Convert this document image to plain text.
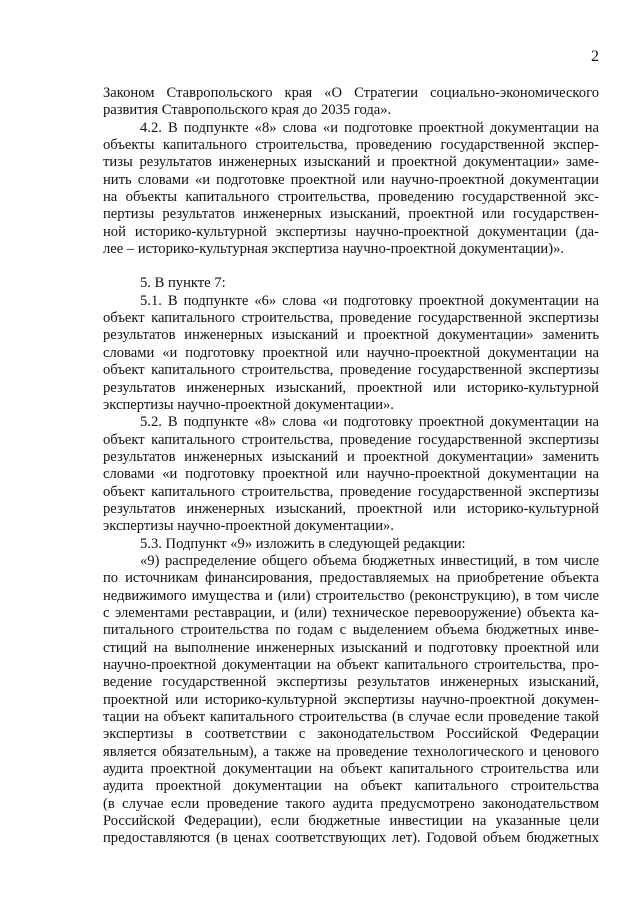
2
Законом Ставропольского края «О Стратегии социально-экономического
развития Ставропольского края до 2035 года».
4.2. В подпункте «8» слова «и подготовке проектной документации на
объекты капитального строительства, проведению государственной экспер-
тизы результатов инженерных изысканий и проектной документации» заме-
нить словами «и подготовке проектной или научно-проектной документации
на объекты капитального строительства, проведению государственной экс-
пертизы результатов инженерных изысканий, проектной или государствен-
ной историко-культурной экспертизы научно-проектной документации (да-
лее – историко-культурная экспертиза научно-проектной документации)».
5. В пункте 7:
5.1. В подпункте «6» слова «и подготовку проектной документации на
объект капитального строительства, проведение государственной экспертизы
результатов инженерных изысканий и проектной документации» заменить
словами «и подготовку проектной или научно-проектной документации на
объект капитального строительства, проведение государственной экспертизы
результатов инженерных изысканий, проектной или историко-культурной
экспертизы научно-проектной документации».
5.2. В подпункте «8» слова «и подготовку проектной документации на
объект капитального строительства, проведение государственной экспертизы
результатов инженерных изысканий и проектной документации» заменить
словами «и подготовку проектной или научно-проектной документации на
объект капитального строительства, проведение государственной экспертизы
результатов инженерных изысканий, проектной или историко-культурной
экспертизы научно-проектной документации».
5.3. Подпункт «9» изложить в следующей редакции:
«9) распределение общего объема бюджетных инвестиций, в том числе
по источникам финансирования, предоставляемых на приобретение объекта
недвижимого имущества и (или) строительство (реконструкцию), в том числе
с элементами реставрации, и (или) техническое перевооружение) объекта ка-
питального строительства по годам с выделением объема бюджетных инве-
стиций на выполнение инженерных изысканий и подготовку проектной или
научно-проектной документации на объект капитального строительства, про-
ведение государственной экспертизы результатов инженерных изысканий,
проектной или историко-культурной экспертизы научно-проектной докумен-
тации на объект капитального строительства (в случае если проведение такой
экспертизы в соответствии с законодательством Российской Федерации
является обязательным), а также на проведение технологического и ценового
аудита проектной документации на объект капитального строительства или
аудита проектной документации на объект капитального строительства
(в случае если проведение такого аудита предусмотрено законодательством
Российской Федерации), если бюджетные инвестиции на указанные цели
предоставляются (в ценах соответствующих лет). Годовой объем бюджетных
